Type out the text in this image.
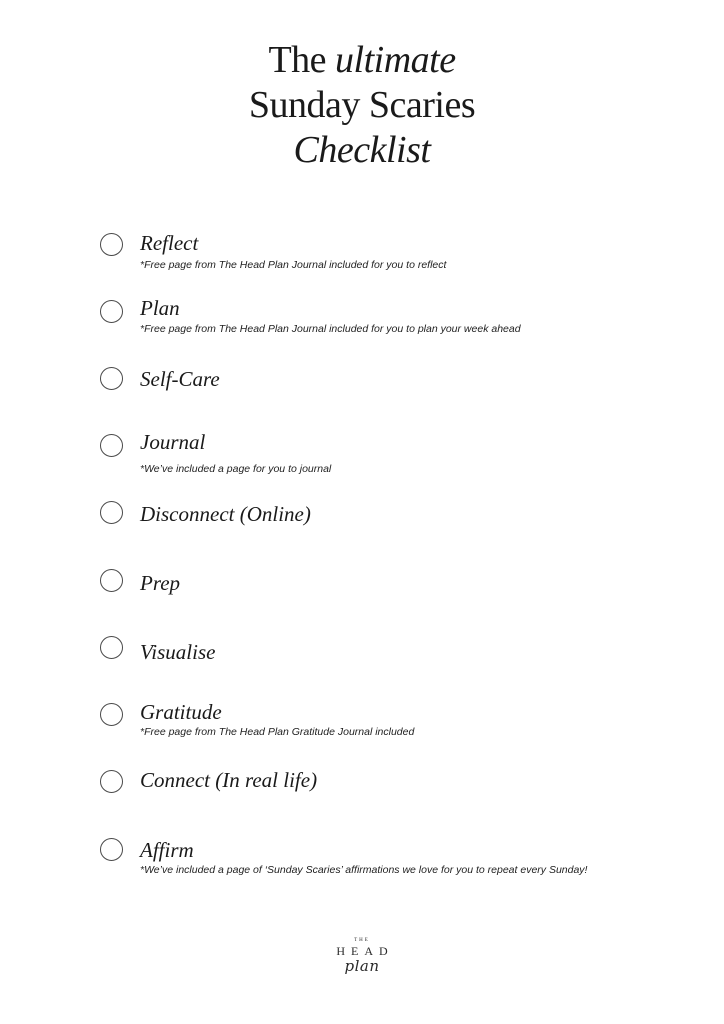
The ultimate
Sunday Scaries
Checklist
Reflect
*Free page from The Head Plan Journal included for you to reflect
Plan
*Free page from The Head Plan Journal included for you to plan your week ahead
Self-Care
Journal
*We’ve included a page for you to journal
Disconnect (Online)
Prep
Visualise
Gratitude
*Free page from The Head Plan Gratitude Journal included
Connect (In real life)
Affirm
*We’ve included a page of ‘Sunday Scaries’ affirmations we love for you to repeat every Sunday!
THE
HEAD
plan
